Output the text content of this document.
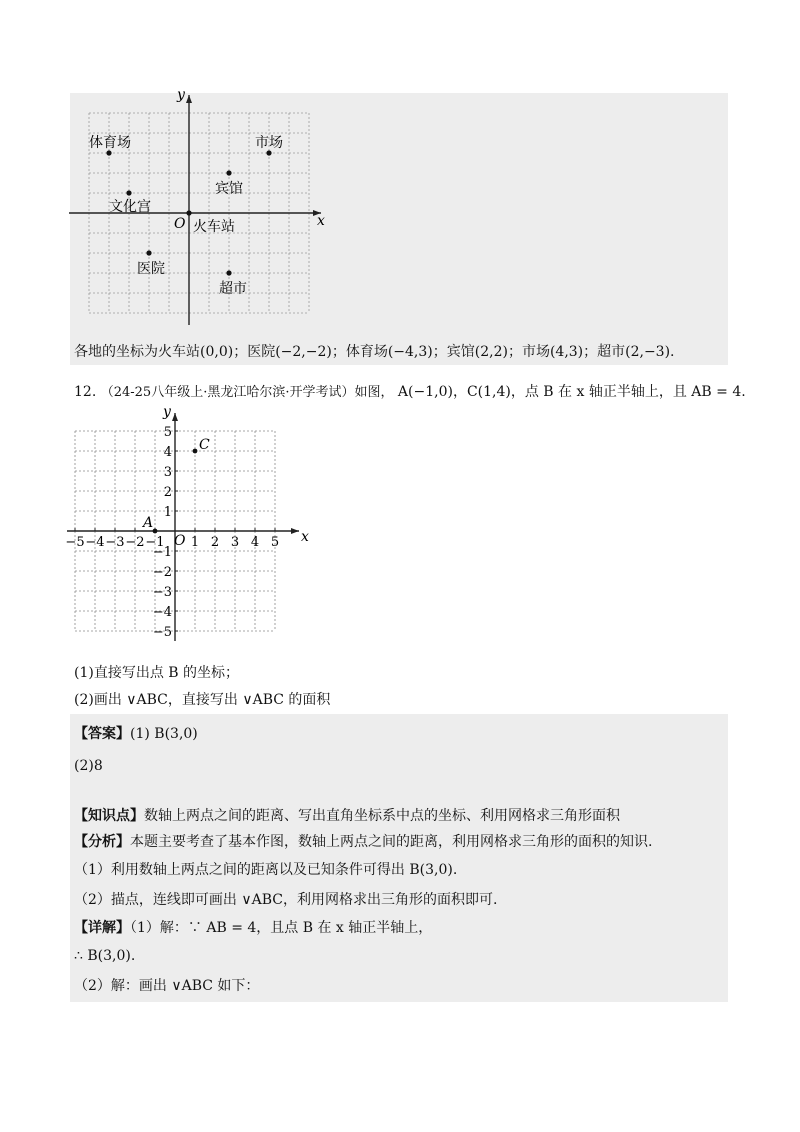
x
y
O
体育场	市场
宾馆
文化宫
火车站
医院
超市
各地的坐标为火车站(0,0)；医院(−2,−2)；体育场(−4,3)；宾馆(2,2)；市场(4,3)；超市(2,−3).
12. （24-25八年级上·黑龙江哈尔滨·开学考试）如图， A(−1,0)，C(1,4)，点 B 在 x 轴正半轴上，且 AB = 4.
x
y
O
−5 −4 −3 −2 −1 1 2 3 4 5
5
4
3
2
1
−1
−2
−3
−4
−5
A
C
(1)直接写出点 B 的坐标；
(2)画出 ∨ABC，直接写出 ∨ABC 的面积
【答案】(1) B(3,0)
(2)8
【知识点】数轴上两点之间的距离、写出直角坐标系中点的坐标、利用网格求三角形面积
【分析】本题主要考查了基本作图，数轴上两点之间的距离，利用网格求三角形的面积的知识.
（1）利用数轴上两点之间的距离以及已知条件可得出 B(3,0).
（2）描点，连线即可画出 ∨ABC，利用网格求出三角形的面积即可.
【详解】（1）解：∵ AB = 4，且点 B 在 x 轴正半轴上，
∴ B(3,0).
（2）解：画出 ∨ABC 如下：
